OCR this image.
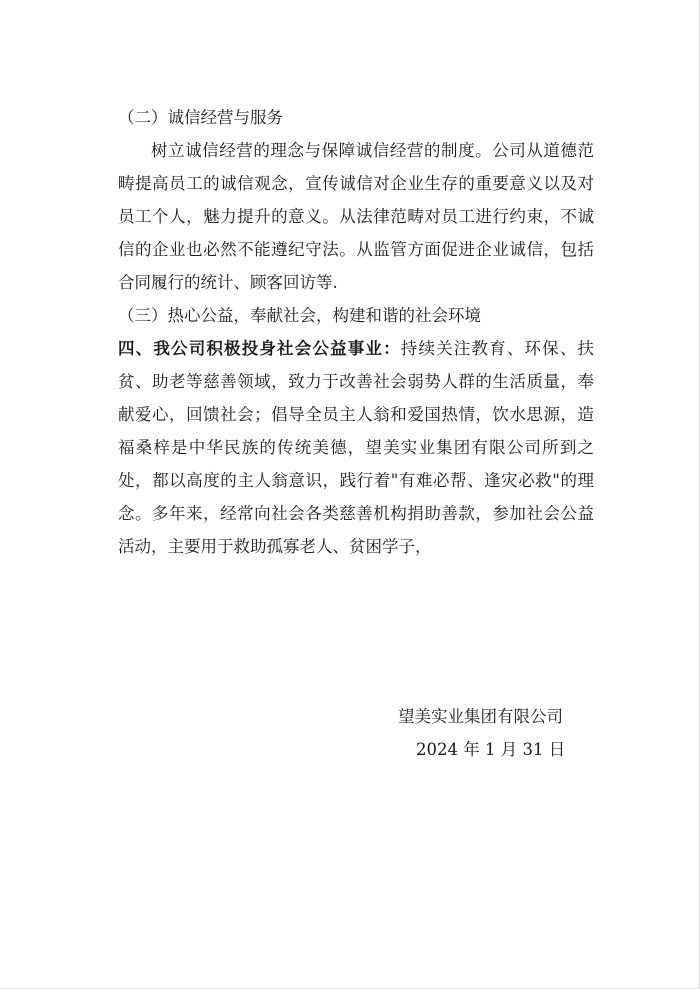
（二）诚信经营与服务

树立诚信经营的理念与保障诚信经营的制度。公司从道德范畴提高员工的诚信观念，宣传诚信对企业生存的重要意义以及对员工个人，魅力提升的意义。从法律范畴对员工进行约束，不诚信的企业也必然不能遵纪守法。从监管方面促进企业诚信，包括合同履行的统计、顾客回访等.

（三）热心公益，奉献社会，构建和谐的社会环境

四、我公司积极投身社会公益事业：持续关注教育、环保、扶贫、助老等慈善领域，致力于改善社会弱势人群的生活质量，奉献爱心，回馈社会；倡导全员主人翁和爱国热情，饮水思源，造福桑梓是中华民族的传统美德，望美实业集团有限公司所到之处，都以高度的主人翁意识，践行着"有难必帮、逢灾必救"的理念。多年来，经常向社会各类慈善机构捐助善款，参加社会公益活动，主要用于救助孤寡老人、贫困学子，

望美实业集团有限公司
2024 年 1 月 31 日
